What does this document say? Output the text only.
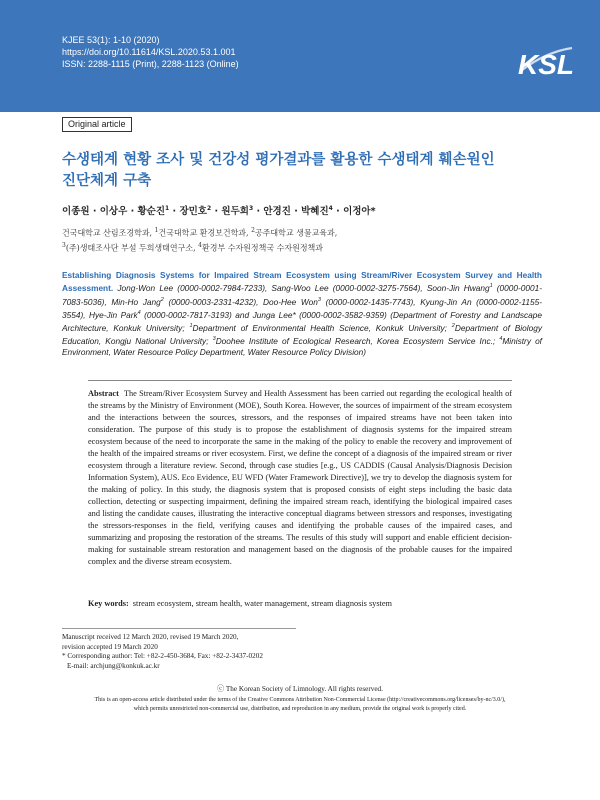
KJEE 53(1): 1-10 (2020)
https://doi.org/10.11614/KSL.2020.53.1.001
ISSN: 2288-1115 (Print), 2288-1123 (Online)	KSL
Original article
수생태계 현황 조사 및 건강성 평가결과를 활용한 수생태계 훼손원인
진단체계 구축
이종원 · 이상우 · 황순진$^1$ · 장민호$^2$ · 원두희$^3$ · 안경진 · 박혜진$^4$ · 이정아*
건국대학교 산림조경학과, $^1$건국대학교 환경보건학과, $^2$공주대학교 생물교육과,
$^3$(주)생태조사단 부설 두희생태연구소, $^4$환경부 수자원정책국 수자원정책과
Establishing Diagnosis Systems for Impaired Stream Ecosystem using Stream/River Ecosystem Survey and Health Assessment. Jong-Won Lee (0000-0002-7984-7233), Sang-Woo Lee (0000-0002-3275-7564), Soon-Jin Hwang$^1$ (0000-0001-7083-5036), Min-Ho Jang$^2$ (0000-0003-2331-4232), Doo-Hee Won$^3$ (0000-0002-1435-7743), Kyung-Jin An (0000-0002-1155-3554), Hye-Jin Park$^4$ (0000-0002-7817-3193) and Junga Lee* (0000-0002-3582-9359) (Department of Forestry and Landscape Architecture, Konkuk University; $^1$Department of Environmental Health Science, Konkuk University; $^2$Department of Biology Education, Kongju National University; $^3$Doohee Institute of Ecological Research, Korea Ecosystem Service Inc.; $^4$Ministry of Environment, Water Resource Policy Department, Water Resource Policy Division)
Abstract The Stream/River Ecosystem Survey and Health Assessment has been carried out regarding the ecological health of the streams by the Ministry of Environment (MOE), South Korea. However, the sources of impairment of the stream ecosystem and the interactions between the sources, stressors, and the responses of impaired streams have not been taken into consideration. The purpose of this study is to propose the establishment of diagnosis systems for the impaired stream ecosystem because of the need to incorporate the same in the making of the policy to enable the recovery and improvement of the health of the impaired streams or river ecosystem. First, we define the concept of a diagnosis of the impaired stream or river ecosystem through a literature review. Second, through case studies [e.g., US CADDIS (Causal Analysis/Diagnosis Decision Information System), AUS. Eco Evidence, EU WFD (Water Framework Directive)], we try to develop the diagnosis system for the making of policy. In this study, the diagnosis system that is proposed consists of eight steps including the basic data collection, detecting or suspecting impairment, defining the impaired stream reach, identifying the biological impaired cases and listing the candidate causes, illustrating the interactive conceptual diagrams between stressors and responses, investigating the stressors-responses in the field, verifying causes and identifying the probable causes of the impaired cases, and summarizing and proposing the restoration of the streams. The results of this study will support and enable efficient decision-making for sustainable stream restoration and management based on the diagnosis of the probable causes for the impaired complex and the diverse stream ecosystem.
Key words: stream ecosystem, stream health, water management, stream diagnosis system
Manuscript received 12 March 2020, revised 19 March 2020,
revision accepted 19 March 2020
* Corresponding author: Tel: +82-2-450-3684, Fax: +82-2-3437-0202
E-mail: archjung@konkuk.ac.kr
ⓒ The Korean Society of Limnology. All rights reserved.
This is an open-access article distributed under the terms of the Creative Commons Attribution Non-Commercial License (http://creativecommons.org/licenses/by-nc/3.0/),
which permits unrestricted non-commercial use, distribution, and reproduction in any medium, provide the original work is properly cited.
